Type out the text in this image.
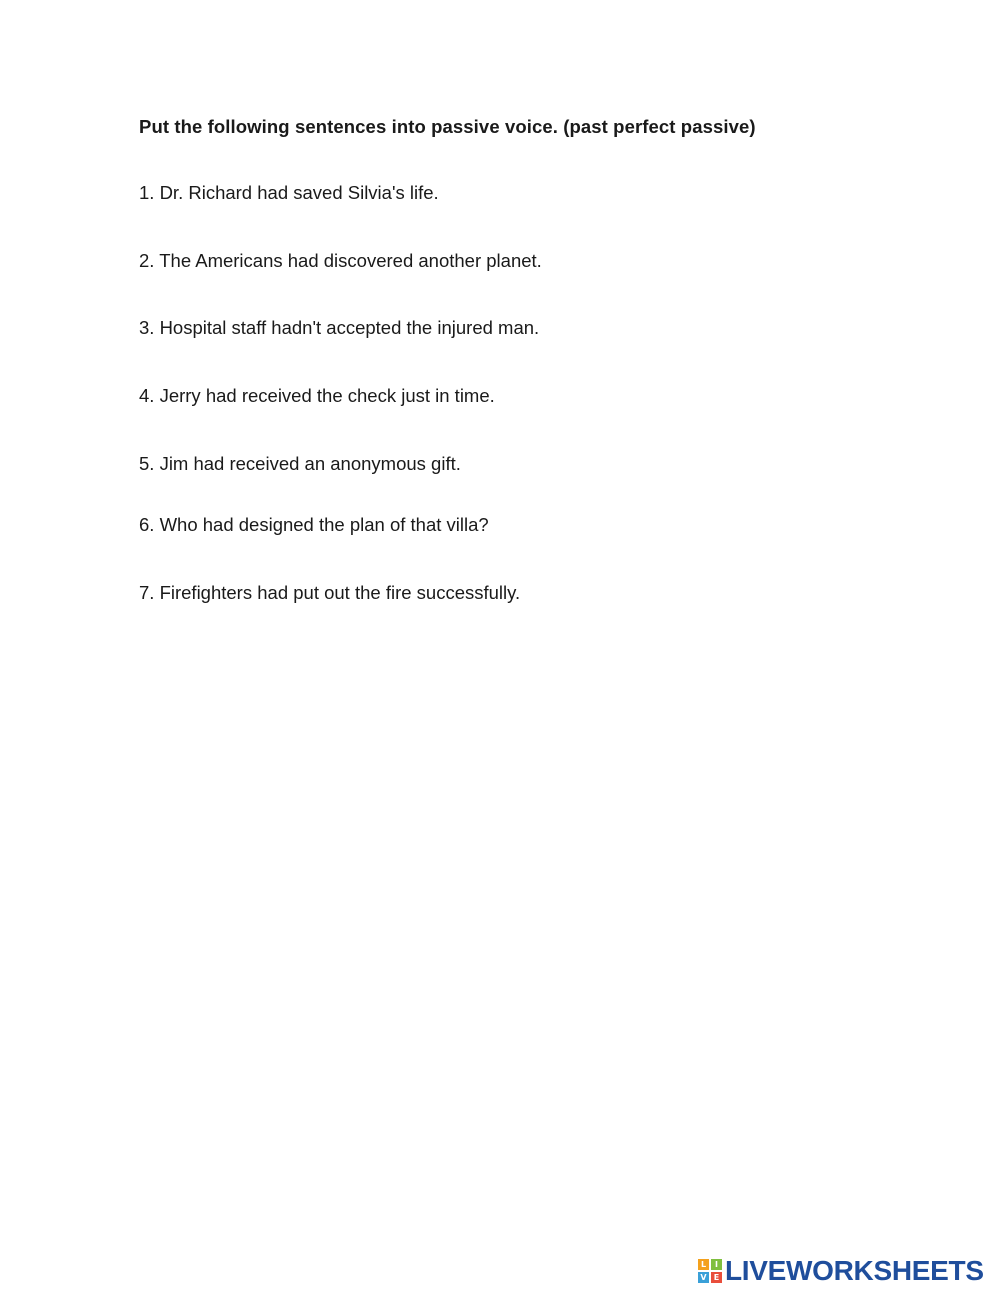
Put the following sentences into passive voice. (past perfect passive)
1. Dr. Richard had saved Silvia's life.
2. The Americans had discovered another planet.
3. Hospital staff hadn't accepted the injured man.
4. Jerry had received the check just in time.
5. Jim had received an anonymous gift.
6. Who had designed the plan of that villa?
7. Firefighters had put out the fire successfully.
L	I
V E LIVEWORKSHEETS
